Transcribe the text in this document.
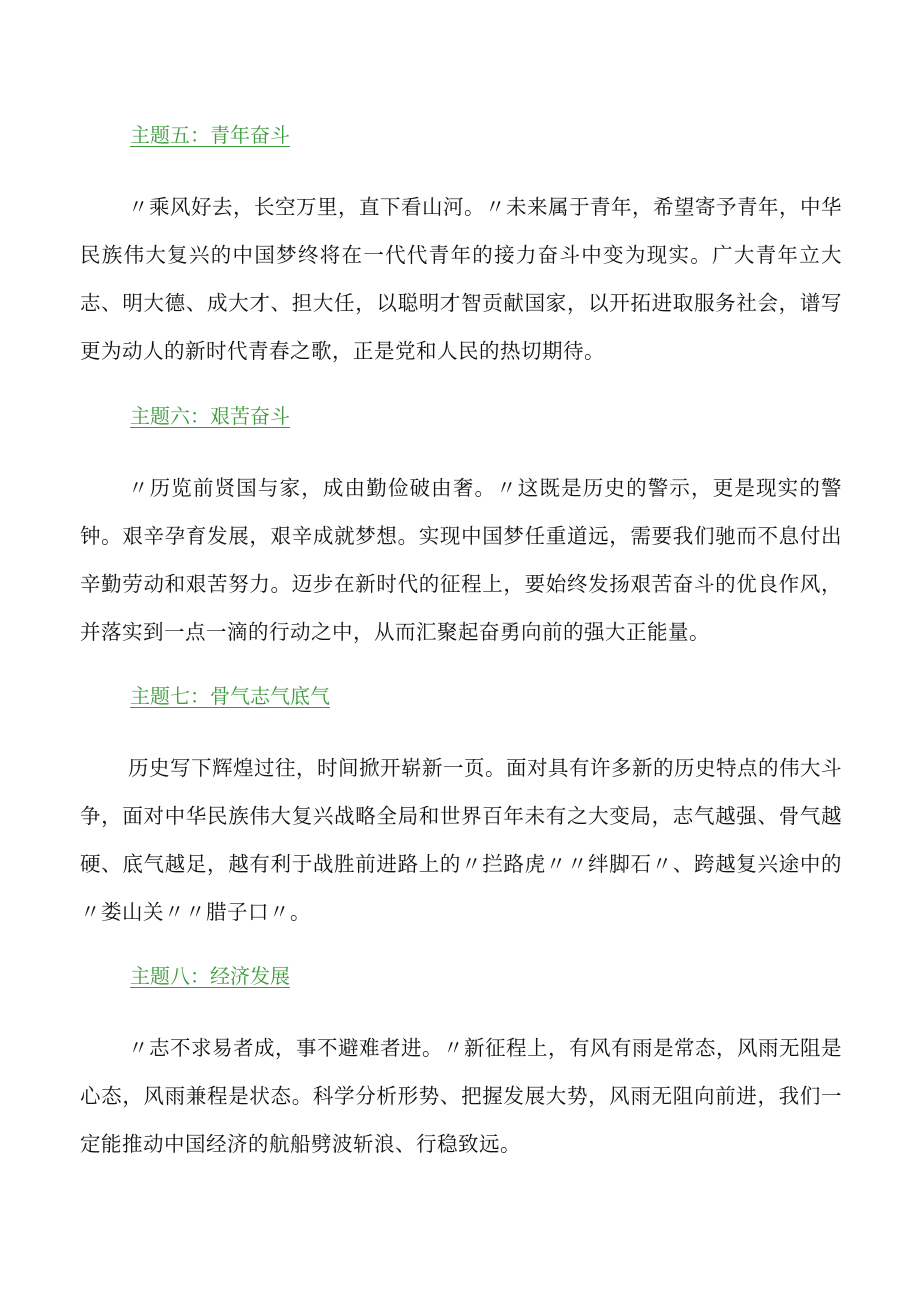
主题五：青年奋斗

〃乘风好去，长空万里，直下看山河。〃未来属于青年，希望寄予青年，中华民族伟大复兴的中国梦终将在一代代青年的接力奋斗中变为现实。广大青年立大志、明大德、成大才、担大任，以聪明才智贡献国家，以开拓进取服务社会，谱写更为动人的新时代青春之歌，正是党和人民的热切期待。

主题六：艰苦奋斗

〃历览前贤国与家，成由勤俭破由奢。〃这既是历史的警示，更是现实的警钟。艰辛孕育发展，艰辛成就梦想。实现中国梦任重道远，需要我们驰而不息付出辛勤劳动和艰苦努力。迈步在新时代的征程上，要始终发扬艰苦奋斗的优良作风，并落实到一点一滴的行动之中，从而汇聚起奋勇向前的强大正能量。

主题七：骨气志气底气

历史写下辉煌过往，时间掀开崭新一页。面对具有许多新的历史特点的伟大斗争，面对中华民族伟大复兴战略全局和世界百年未有之大变局，志气越强、骨气越硬、底气越足，越有利于战胜前进路上的〃拦路虎〃〃绊脚石〃、跨越复兴途中的〃娄山关〃〃腊子口〃。

主题八：经济发展

〃志不求易者成，事不避难者进。〃新征程上，有风有雨是常态，风雨无阻是心态，风雨兼程是状态。科学分析形势、把握发展大势，风雨无阻向前进，我们一定能推动中国经济的航船劈波斩浪、行稳致远。
